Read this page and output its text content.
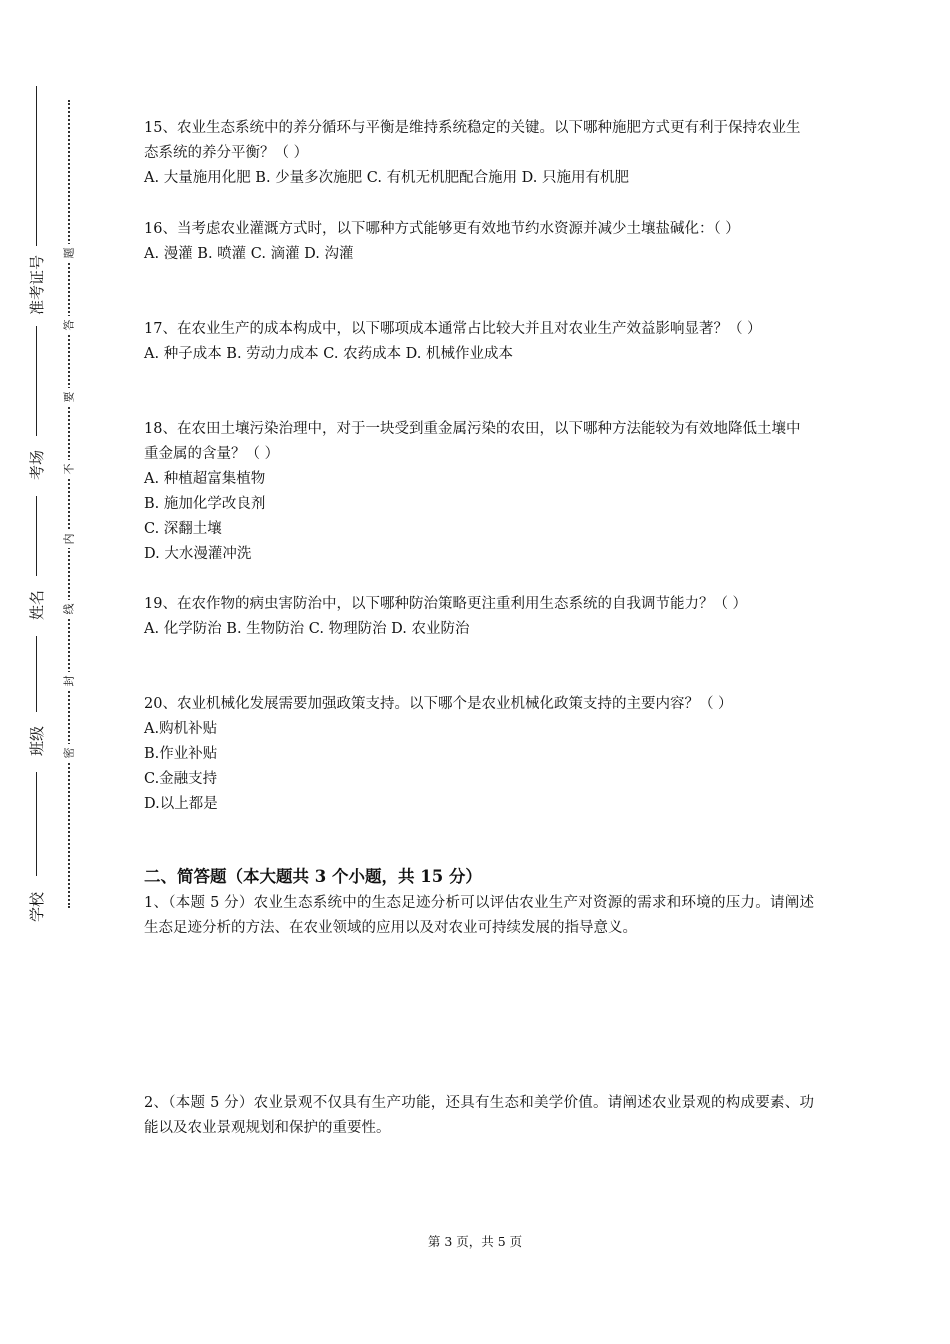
准考证号
考场
姓名
班级
学校
题
答
要
不
内
线
封
密

15、农业生态系统中的养分循环与平衡是维持系统稳定的关键。以下哪种施肥方式更有利于保持农业生态系统的养分平衡？（ ）

A. 大量施用化肥 B. 少量多次施肥 C. 有机无机肥配合施用 D. 只施用有机肥

16、当考虑农业灌溉方式时，以下哪种方式能够更有效地节约水资源并减少土壤盐碱化：（ ）

A. 漫灌 B. 喷灌 C. 滴灌 D. 沟灌

17、在农业生产的成本构成中，以下哪项成本通常占比较大并且对农业生产效益影响显著？（ ）

A. 种子成本 B. 劳动力成本 C. 农药成本 D. 机械作业成本

18、在农田土壤污染治理中，对于一块受到重金属污染的农田，以下哪种方法能较为有效地降低土壤中重金属的含量？（ ）

A. 种植超富集植物

B. 施加化学改良剂

C. 深翻土壤

D. 大水漫灌冲洗

19、在农作物的病虫害防治中，以下哪种防治策略更注重利用生态系统的自我调节能力？（ ）

A. 化学防治 B. 生物防治 C. 物理防治 D. 农业防治

20、农业机械化发展需要加强政策支持。以下哪个是农业机械化政策支持的主要内容？（ ）

A.购机补贴

B.作业补贴

C.金融支持

D.以上都是

二、简答题（本大题共 3 个小题，共 15 分）
1、（本题 5 分）农业生态系统中的生态足迹分析可以评估农业生产对资源的需求和环境的压力。请阐述生态足迹分析的方法、在农业领域的应用以及对农业可持续发展的指导意义。
2、（本题 5 分）农业景观不仅具有生产功能，还具有生态和美学价值。请阐述农业景观的构成要素、功能以及农业景观规划和保护的重要性。
第 3 页，共 5 页
